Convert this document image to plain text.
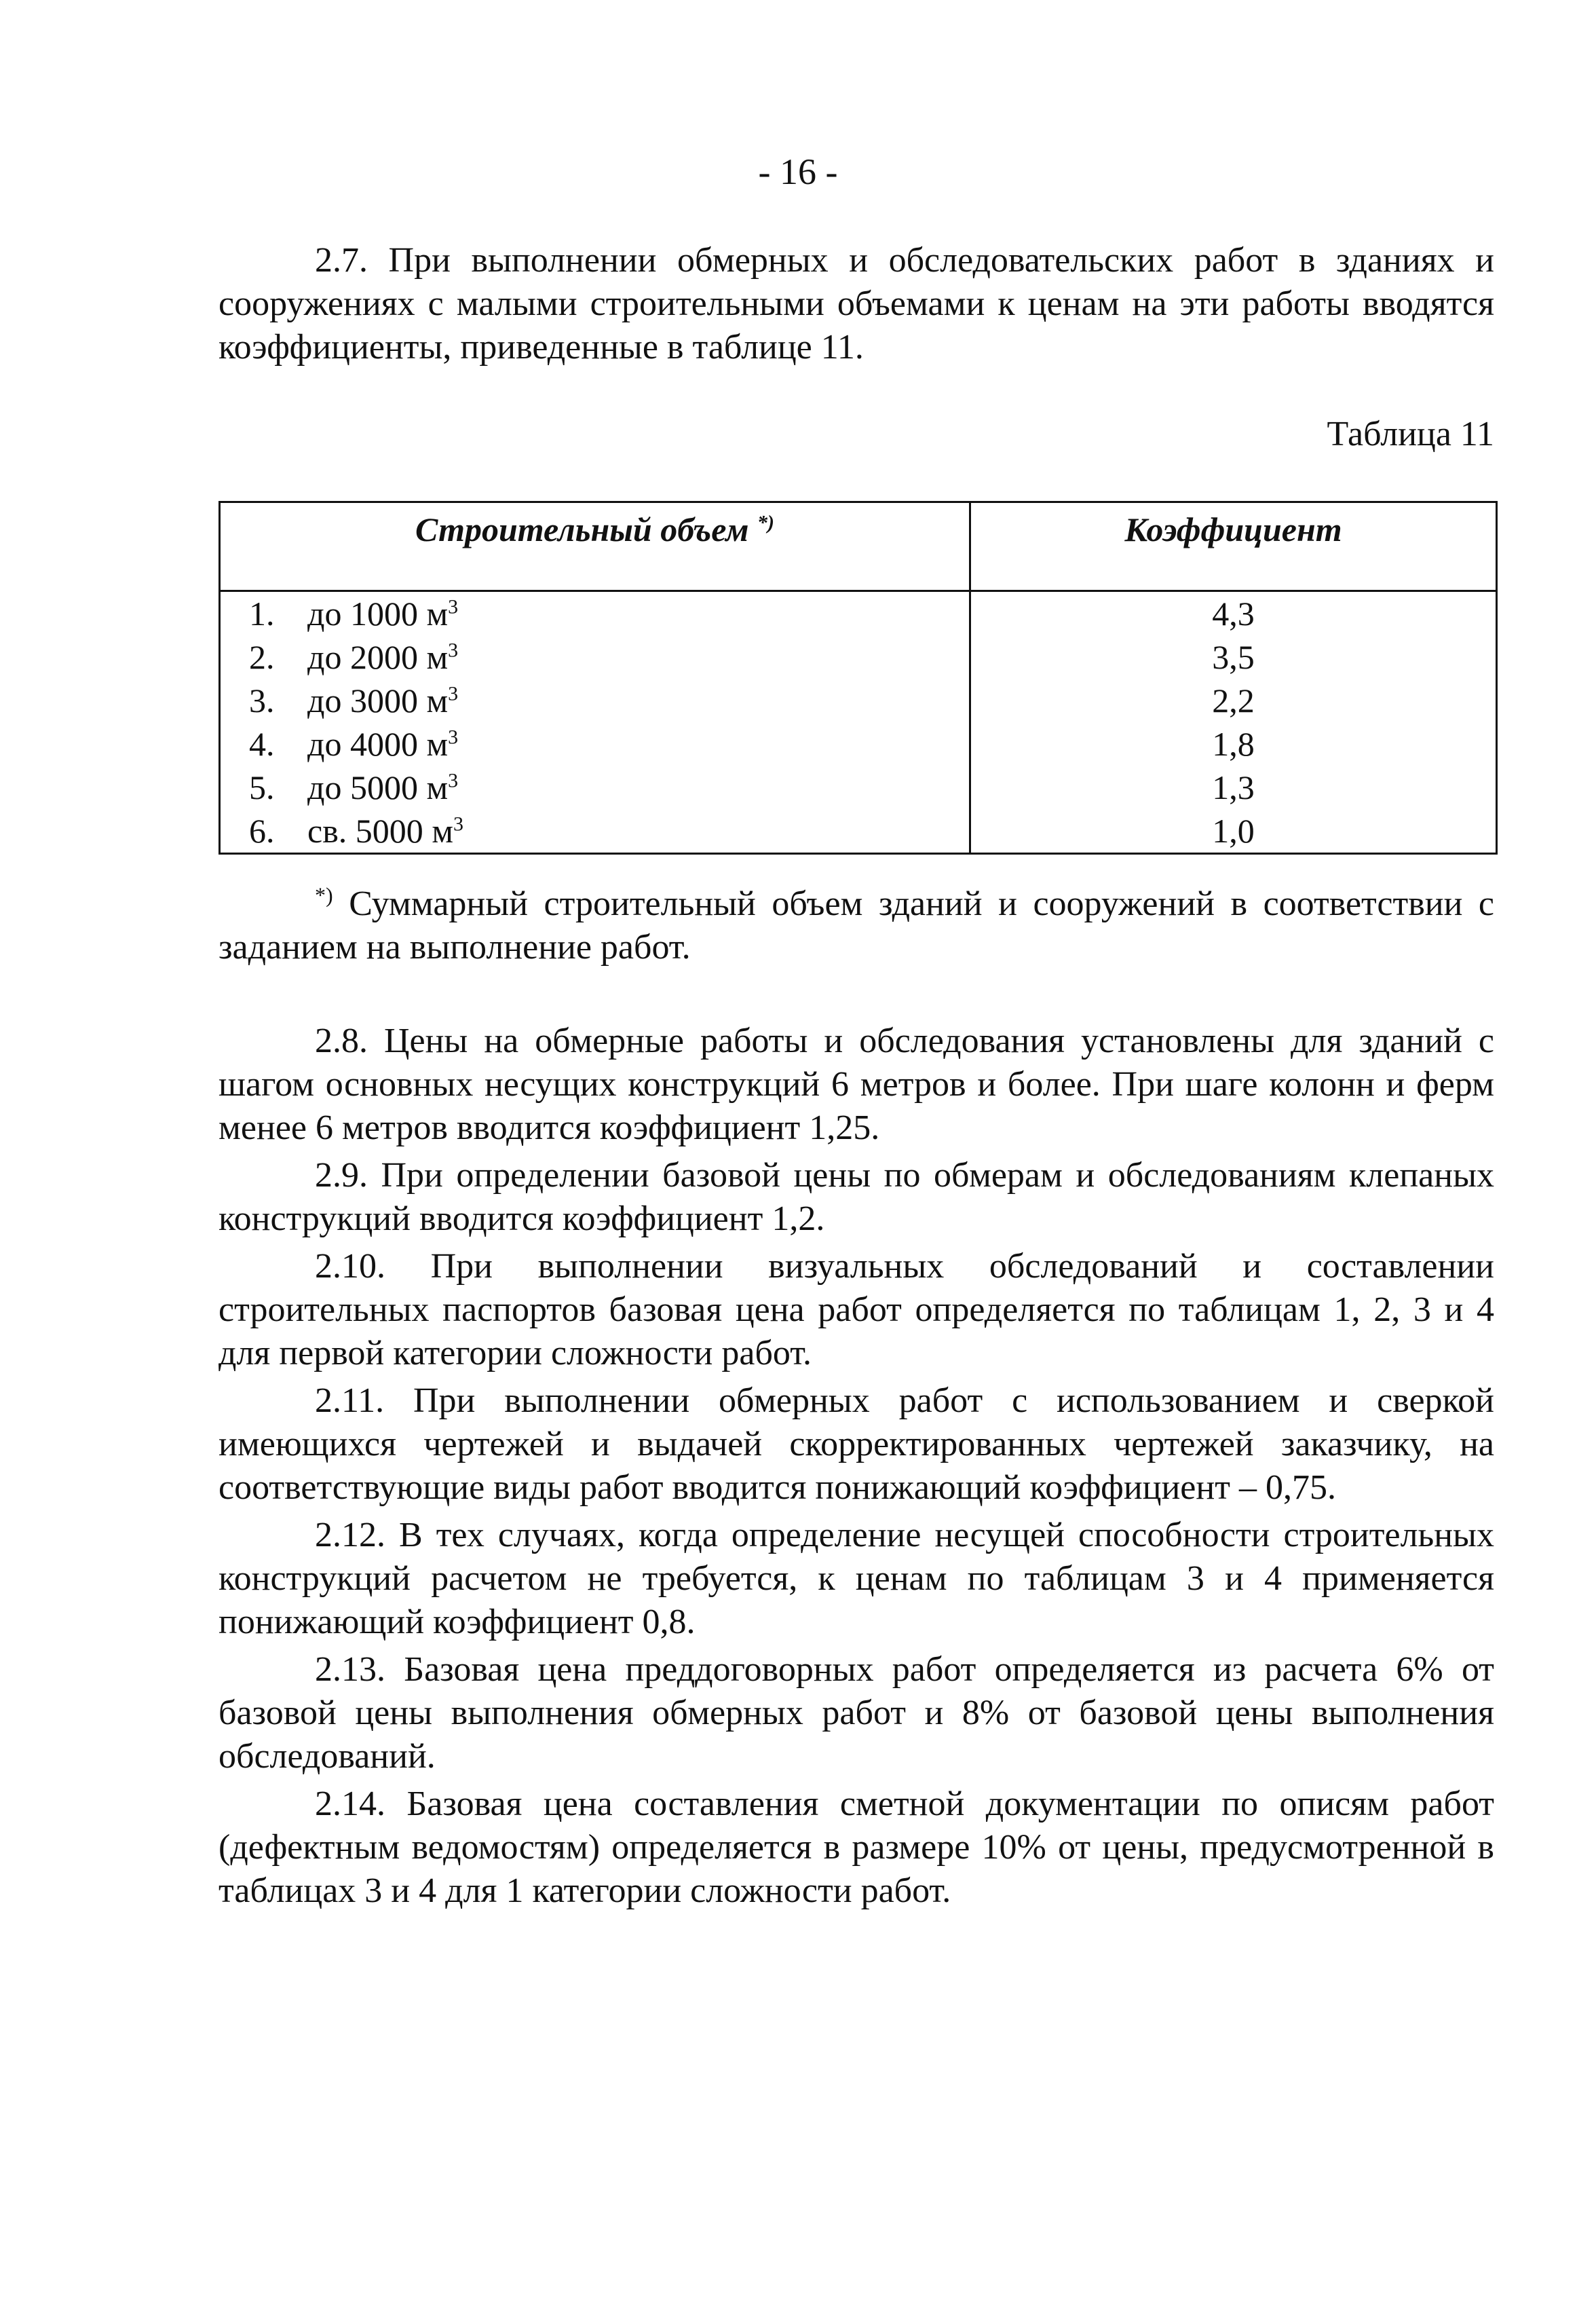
- 16 -

2.7. При выполнении обмерных и обследовательских работ в зданиях и сооружениях с малыми строительными объемами к ценам на эти работы вводятся коэффициенты, приведенные в таблице 11.

Таблица 11
Строительный объем *)	Коэффициент
1. до 1000 $м^3$	4,3
2. до 2000 $м^3$	3,5
3. до 3000 $м^3$	2,2
4. до 4000 $м^3$	1,8
5. до 5000 $м^3$	1,3
6. св. 5000 $м^3$	1,0

*) Суммарный строительный объем зданий и сооружений в соответствии с заданием на выполнение работ.

2.8. Цены на обмерные работы и обследования установлены для зданий с шагом основных несущих конструкций 6 метров и более. При шаге колонн и ферм менее 6 метров вводится коэффициент 1,25.

2.9. При определении базовой цены по обмерам и обследованиям клепаных конструкций вводится коэффициент 1,2.

2.10. При выполнении визуальных обследований и составлении строительных паспортов базовая цена работ определяется по таблицам 1, 2, 3 и 4 для первой категории сложности работ.

2.11. При выполнении обмерных работ с использованием и сверкой имеющихся чертежей и выдачей скорректированных чертежей заказчику, на соответствующие виды работ вводится понижающий коэффициент – 0,75.

2.12. В тех случаях, когда определение несущей способности строительных конструкций расчетом не требуется, к ценам по таблицам 3 и 4 применяется понижающий коэффициент 0,8.

2.13. Базовая цена преддоговорных работ определяется из расчета 6% от базовой цены выполнения обмерных работ и 8% от базовой цены выполнения обследований.

2.14. Базовая цена составления сметной документации по описям работ (дефектным ведомостям) определяется в размере 10% от цены, предусмотренной в таблицах 3 и 4 для 1 категории сложности работ.
